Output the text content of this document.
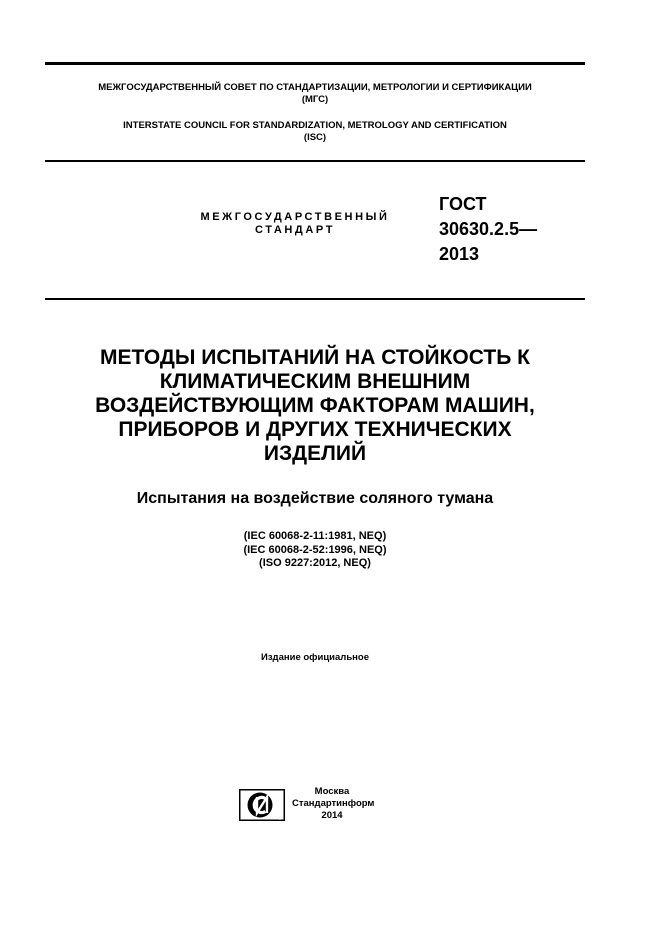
МЕЖГОСУДАРСТВЕННЫЙ СОВЕТ ПО СТАНДАРТИЗАЦИИ, МЕТРОЛОГИИ И СЕРТИФИКАЦИИ
(МГС)
INTERSTATE COUNCIL FOR STANDARDIZATION, METROLOGY AND CERTIFICATION
(ISC)
МЕЖГОСУДАРСТВЕННЫЙ
СТАНДАРТ
ГОСТ
30630.2.5—
2013
МЕТОДЫ ИСПЫТАНИЙ НА СТОЙКОСТЬ К
КЛИМАТИЧЕСКИМ ВНЕШНИМ
ВОЗДЕЙСТВУЮЩИМ ФАКТОРАМ МАШИН,
ПРИБОРОВ И ДРУГИХ ТЕХНИЧЕСКИХ
ИЗДЕЛИЙ
Испытания на воздействие соляного тумана
(IEC 60068-2-11:1981, NEQ)
(IEC 60068-2-52:1996, NEQ)
(ISO 9227:2012, NEQ)
Издание официальное
СИ
Москва
Стандартинформ
2014
